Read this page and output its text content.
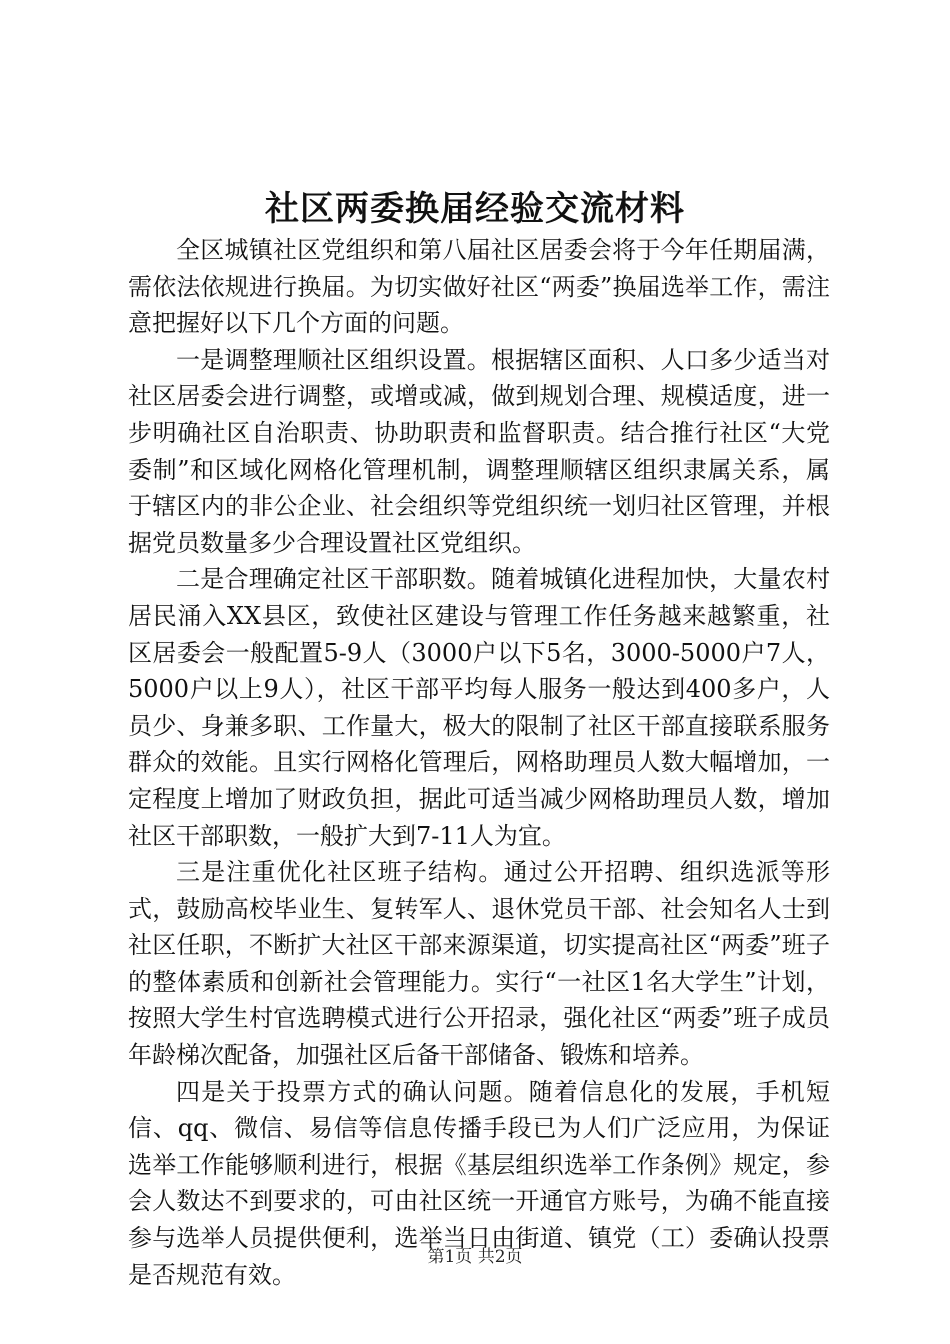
社区两委换届经验交流材料

全区城镇社区党组织和第八届社区居委会将于今年任期届满，需依法依规进行换届。为切实做好社区“两委”换届选举工作，需注意把握好以下几个方面的问题。

一是调整理顺社区组织设置。根据辖区面积、人口多少适当对社区居委会进行调整，或增或减，做到规划合理、规模适度，进一步明确社区自治职责、协助职责和监督职责。结合推行社区“大党委制”和区域化网格化管理机制，调整理顺辖区组织隶属关系，属于辖区内的非公企业、社会组织等党组织统一划归社区管理，并根据党员数量多少合理设置社区党组织。

二是合理确定社区干部职数。随着城镇化进程加快，大量农村居民涌入XX县区，致使社区建设与管理工作任务越来越繁重，社区居委会一般配置5-9人（3000户以下5名，3000-5000户7人，5000户以上9人），社区干部平均每人服务一般达到400多户，人员少、身兼多职、工作量大，极大的限制了社区干部直接联系服务群众的效能。且实行网格化管理后，网格助理员人数大幅增加，一定程度上增加了财政负担，据此可适当减少网格助理员人数，增加社区干部职数，一般扩大到7-11人为宜。

三是注重优化社区班子结构。通过公开招聘、组织选派等形式，鼓励高校毕业生、复转军人、退休党员干部、社会知名人士到社区任职，不断扩大社区干部来源渠道，切实提高社区“两委”班子的整体素质和创新社会管理能力。实行“一社区1名大学生”计划，按照大学生村官选聘模式进行公开招录，强化社区“两委”班子成员年龄梯次配备，加强社区后备干部储备、锻炼和培养。

四是关于投票方式的确认问题。随着信息化的发展，手机短信、qq、微信、易信等信息传播手段已为人们广泛应用，为保证选举工作能够顺利进行，根据《基层组织选举工作条例》规定，参会人数达不到要求的，可由社区统一开通官方账号，为确不能直接参与选举人员提供便利，选举当日由街道、镇党（工）委确认投票是否规范有效。

第1页 共2页
